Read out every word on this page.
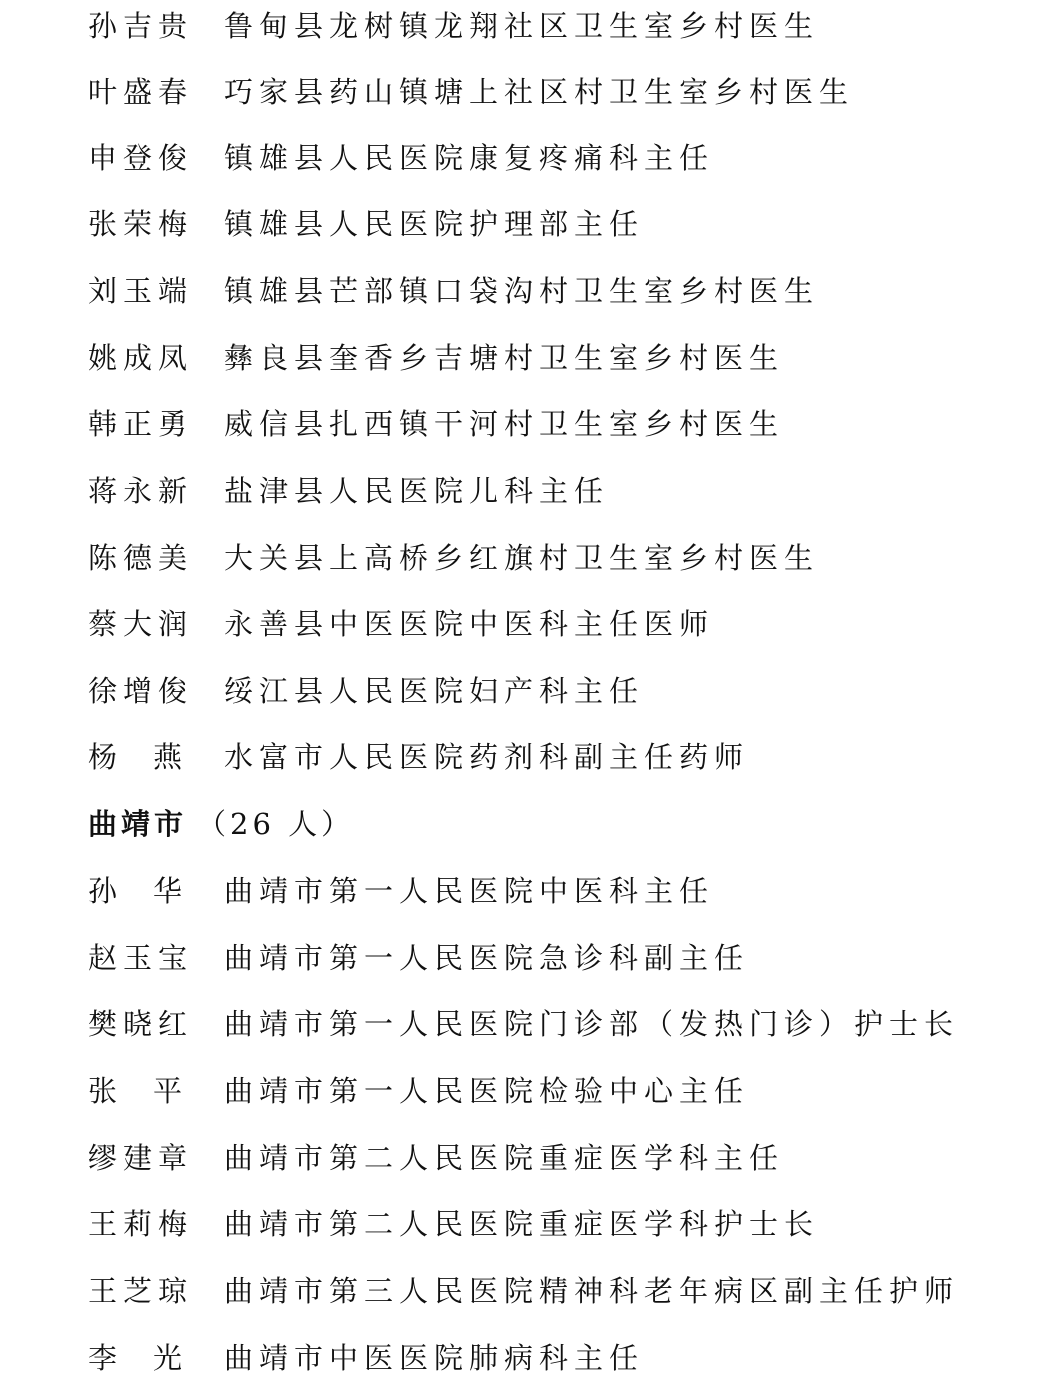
孙吉贵	鲁甸县龙树镇龙翔社区卫生室乡村医生
叶盛春	巧家县药山镇塘上社区村卫生室乡村医生
申登俊	镇雄县人民医院康复疼痛科主任
张荣梅	镇雄县人民医院护理部主任
刘玉端	镇雄县芒部镇口袋沟村卫生室乡村医生
姚成凤	彝良县奎香乡吉塘村卫生室乡村医生
韩正勇	威信县扎西镇干河村卫生室乡村医生
蒋永新	盐津县人民医院儿科主任
陈德美	大关县上高桥乡红旗村卫生室乡村医生
蔡大润	永善县中医医院中医科主任医师
徐增俊	绥江县人民医院妇产科主任
杨燕 水富市人民医院药剂科副主任药师
曲靖市 （26 人）
孙华 曲靖市第一人民医院中医科主任
赵玉宝	曲靖市第一人民医院急诊科副主任
樊晓红	曲靖市第一人民医院门诊部（发热门诊）护士长
张平 曲靖市第一人民医院检验中心主任
缪建章	曲靖市第二人民医院重症医学科主任
王莉梅	曲靖市第二人民医院重症医学科护士长
王芝琼	曲靖市第三人民医院精神科老年病区副主任护师
李光 曲靖市中医医院肺病科主任
